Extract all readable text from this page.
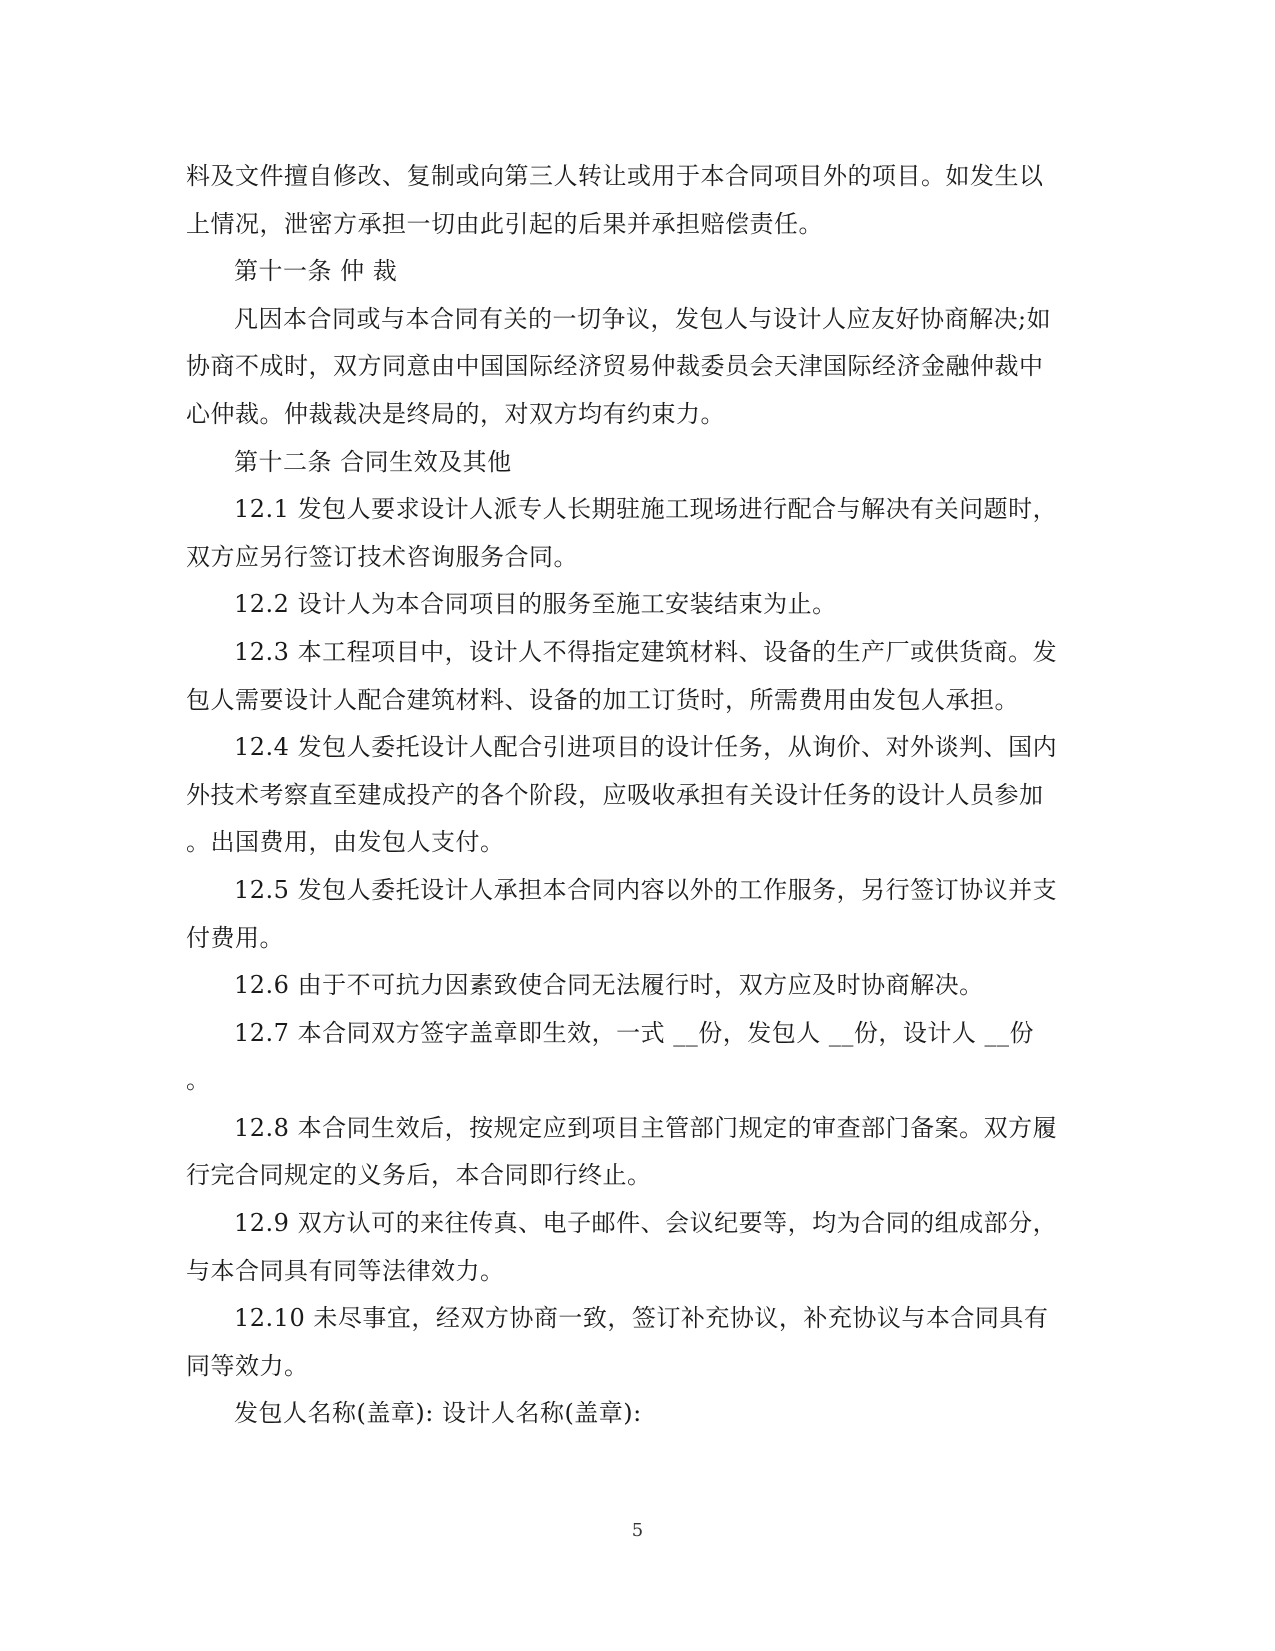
料及文件擅自修改、复制或向第三人转让或用于本合同项目外的项目。如发生以
上情况，泄密方承担一切由此引起的后果并承担赔偿责任。
第十一条 仲 裁
凡因本合同或与本合同有关的一切争议，发包人与设计人应友好协商解决;如
协商不成时，双方同意由中国国际经济贸易仲裁委员会天津国际经济金融仲裁中
心仲裁。仲裁裁决是终局的，对双方均有约束力。
第十二条 合同生效及其他
12.1 发包人要求设计人派专人长期驻施工现场进行配合与解决有关问题时，
双方应另行签订技术咨询服务合同。
12.2 设计人为本合同项目的服务至施工安装结束为止。
12.3 本工程项目中，设计人不得指定建筑材料、设备的生产厂或供货商。发
包人需要设计人配合建筑材料、设备的加工订货时，所需费用由发包人承担。
12.4 发包人委托设计人配合引进项目的设计任务，从询价、对外谈判、国内
外技术考察直至建成投产的各个阶段，应吸收承担有关设计任务的设计人员参加
。出国费用，由发包人支付。
12.5 发包人委托设计人承担本合同内容以外的工作服务，另行签订协议并支
付费用。
12.6 由于不可抗力因素致使合同无法履行时，双方应及时协商解决。
12.7 本合同双方签字盖章即生效，一式 __份，发包人 __份，设计人 __份
。
12.8 本合同生效后，按规定应到项目主管部门规定的审查部门备案。双方履
行完合同规定的义务后，本合同即行终止。
12.9 双方认可的来往传真、电子邮件、会议纪要等，均为合同的组成部分，
与本合同具有同等法律效力。
12.10 未尽事宜，经双方协商一致，签订补充协议，补充协议与本合同具有
同等效力。
发包人名称(盖章): 设计人名称(盖章):
5
